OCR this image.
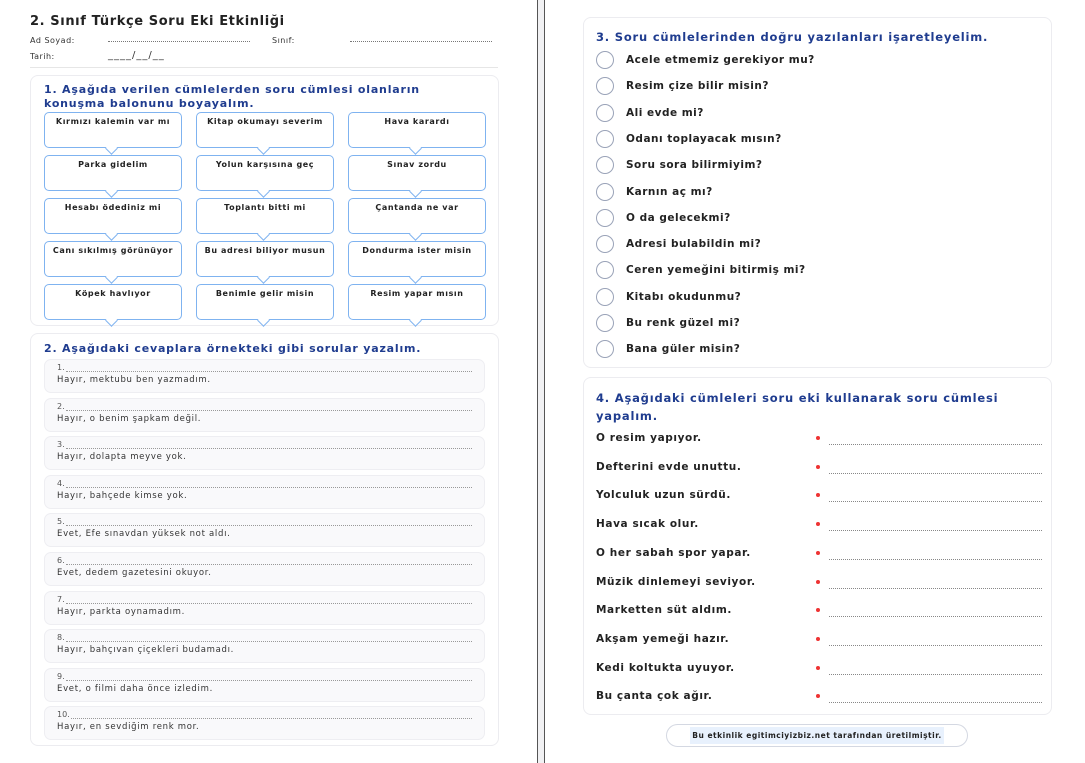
2. Sınıf Türkçe Soru Eki Etkinliği
Ad Soyad:	Sınıf:
Tarih:	____/__/__
1. Aşağıda verilen cümlelerden soru cümlesi olanların
konuşma balonunu boyayalım.
Kırmızı kalemin var mı	Kitap okumayı severim	Hava karardı
Parka gidelim	Yolun karşısına geç	Sınav zordu
Hesabı ödediniz mi	Toplantı bitti mi	Çantanda ne var
Canı sıkılmış görünüyor	Bu adresi biliyor musun	Dondurma ister misin
Köpek havlıyor	Benimle gelir misin	Resim yapar mısın
2. Aşağıdaki cevaplara örnekteki gibi sorular yazalım.
1.
Hayır, mektubu ben yazmadım.
2.
Hayır, o benim şapkam değil.
3.
Hayır, dolapta meyve yok.
4.
Hayır, bahçede kimse yok.
5.
Evet, Efe sınavdan yüksek not aldı.
6.
Evet, dedem gazetesini okuyor.
7.
Hayır, parkta oynamadım.
8.
Hayır, bahçıvan çiçekleri budamadı.
9.
Evet, o filmi daha önce izledim.
10.
Hayır, en sevdiğim renk mor.
3. Soru cümlelerinden doğru yazılanları işaretleyelim.
Acele etmemiz gerekiyor mu?
Resim çize bilir misin?
Ali evde mi?
Odanı toplayacak mısın?
Soru sora bilirmiyim?
Karnın aç mı?
O da gelecekmi?
Adresi bulabildin mi?
Ceren yemeğini bitirmiş mi?
Kitabı okudunmu?
Bu renk güzel mi?
Bana güler misin?
4. Aşağıdaki cümleleri soru eki kullanarak soru cümlesi
yapalım.
O resim yapıyor.
Defterini evde unuttu.
Yolculuk uzun sürdü.
Hava sıcak olur.
O her sabah spor yapar.
Müzik dinlemeyi seviyor.
Marketten süt aldım.
Akşam yemeği hazır.
Kedi koltukta uyuyor.
Bu çanta çok ağır.
Bu etkinlik egitimciyizbiz.net tarafından üretilmiştir.
